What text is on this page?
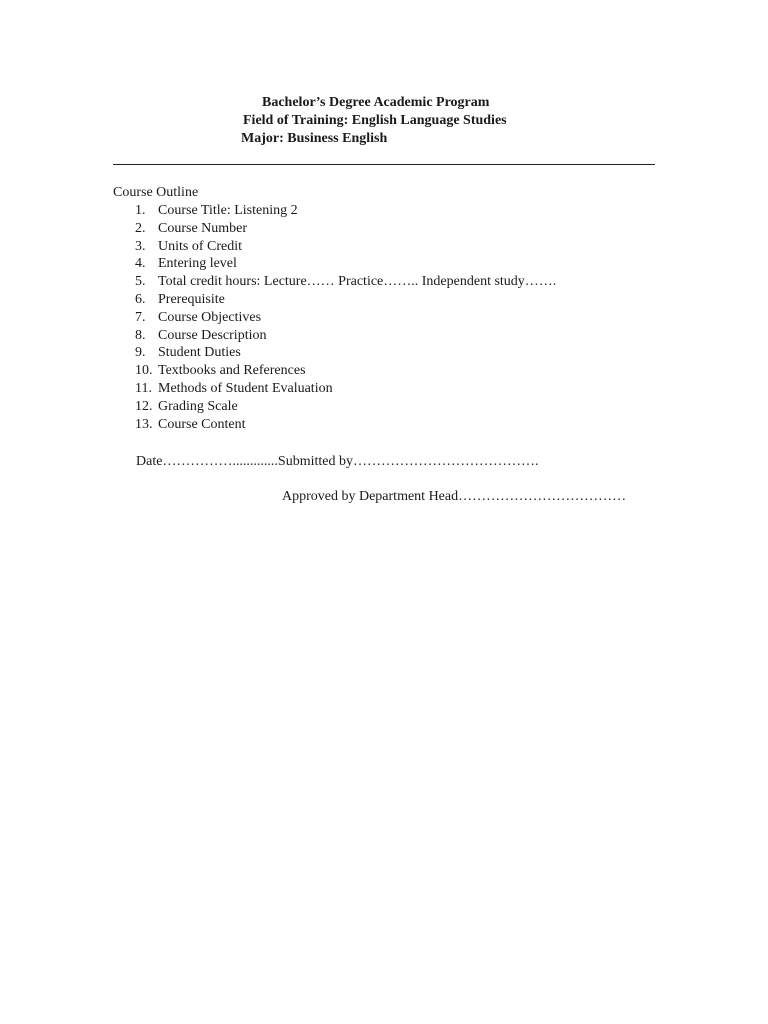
Bachelor’s Degree Academic Program
Field of Training: English Language Studies
Major: Business English
Course Outline
1. Course Title: Listening 2
2. Course Number
3. Units of Credit
4. Entering level
5. Total credit hours: Lecture…… Practice…….. Independent study…….
6. Prerequisite
7. Course Objectives
8. Course Description
9. Student Duties
10. Textbooks and References
11. Methods of Student Evaluation
12. Grading Scale
13. Course Content
Date…………….............Submitted by………………………………….
Approved by Department Head………………………………
